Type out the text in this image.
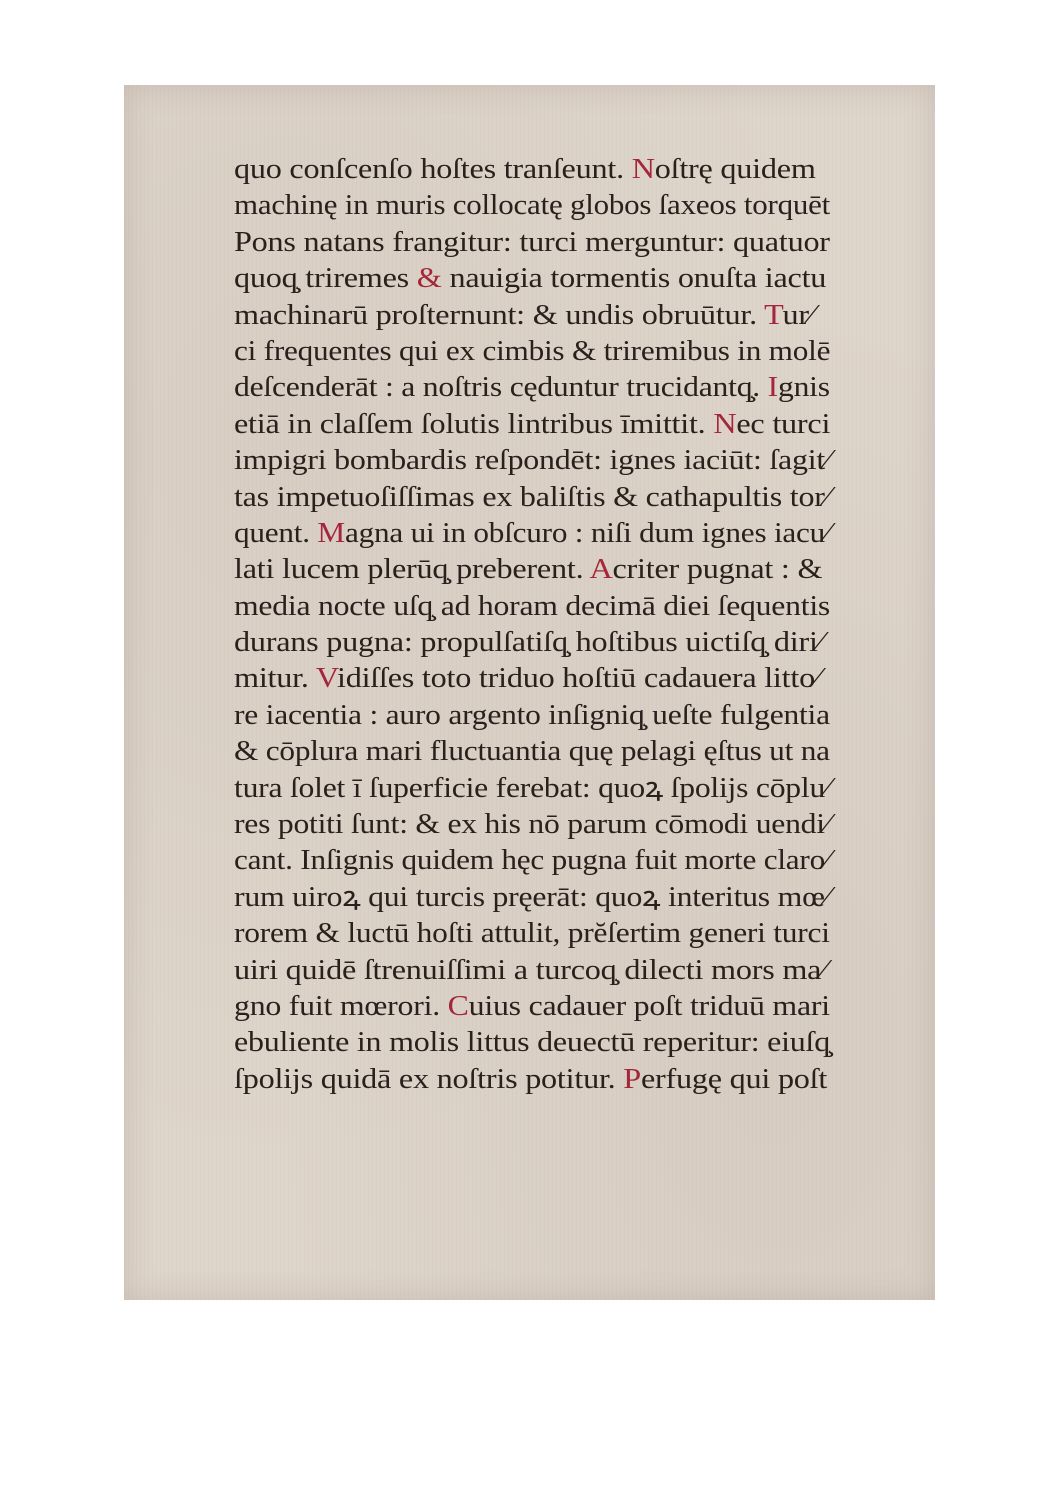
quo conſcenſo hoſtes tranſeunt. Noſtrę quidem
machinę in muris collocatę globos ſaxeos torquēt
Pons natans frangitur: turci merguntur: quatuor
quoq̧ triremes & nauigia tormentis onuſta iactu
machinarū proſternunt: & undis obruūtur. Tur⁄
ci frequentes qui ex cimbis & triremibus in molē
deſcenderāt : a noſtris cęduntur trucidantq̧. Ignis
etiā in claſſem ſolutis lintribus īmittit. Nec turci
impigri bombardis reſpondēt: ignes iaciūt: ſagit⁄
tas impetuoſiſſimas ex baliſtis & cathapultis tor⁄
quent. Magna ui in obſcuro : niſi dum ignes iacu⁄
lati lucem plerūq̧ preberent. Acriter pugnat : &
media nocte uſq̧ ad horam decimā diei ſequentis
durans pugna: propulſatiſq̧ hoſtibus uictiſq̧ diri⁄
mitur. Vidiſſes toto triduo hoſtiū cadauera litto⁄
re iacentia : auro argento inſigniq̧ ueſte fulgentia
& cōplura mari fluctuantia quę pelagi ęſtus ut na
tura ſolet ī ſuperficie ferebat: quoꝝ ſpolijs cōplu⁄
res potiti ſunt: & ex his nō parum cōmodi uendi⁄
cant. Inſignis quidem hęc pugna fuit morte claro⁄
rum uiroꝝ qui turcis pręerāt: quoꝝ interitus mœ⁄
rorem & luctū hoſti attulit, prĕſertim generi turci
uiri quidē ſtrenuiſſimi a turcoq̧ dilecti mors ma⁄
gno fuit mœrori. Cuius cadauer poſt triduū mari
ebuliente in molis littus deuectū reperitur: eiuſq̧
ſpolijs quidā ex noſtris potitur. Perfugę qui poſt
